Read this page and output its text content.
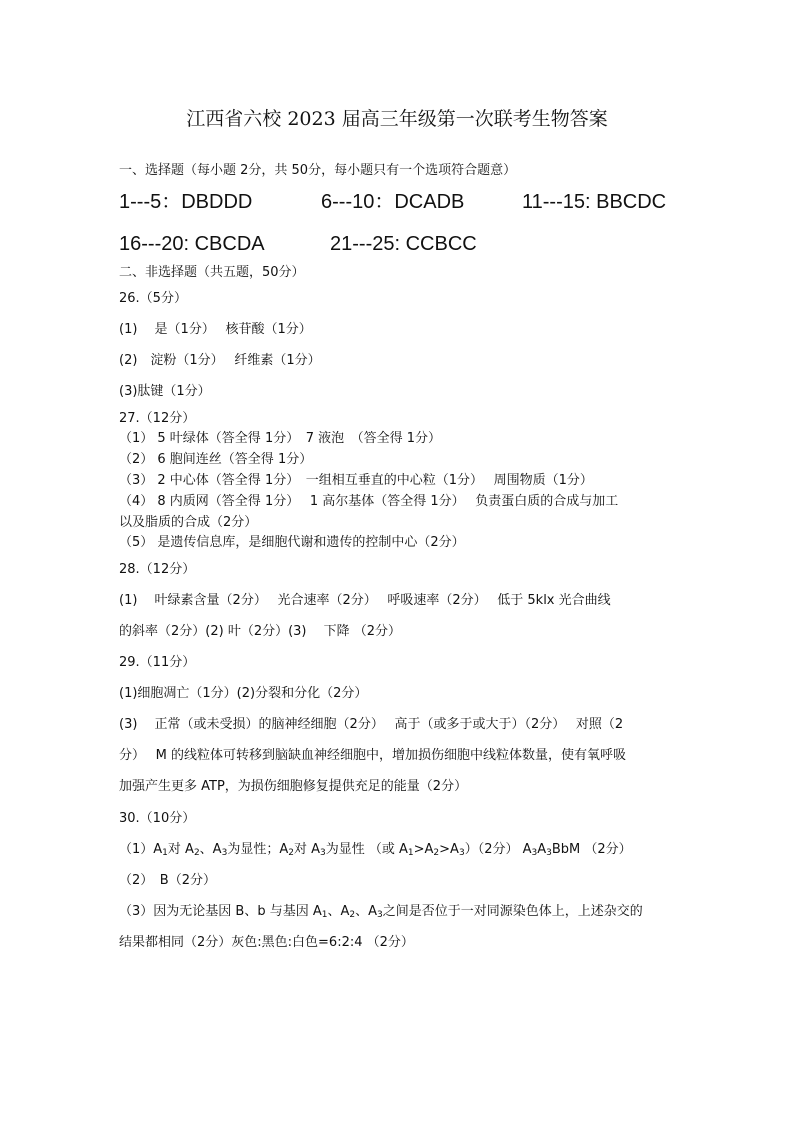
江西省六校 2023 届高三年级第一次联考生物答案
一、选择题（每小题 2分，共 50分，每小题只有一个选项符合题意）
1---5：DBDDD	6---10：DCADB	11---15: BBCDC
16---20: CBCDA	21---25: CCBCC
二、非选择题（共五题，50分）
26.（5分）
(1)　 是（1分）　 核苷酸（1分）
(2)　淀粉（1分）　 纤维素（1分）
(3)肽键（1分）
27.（12分）
（1） 5 叶绿体（答全得 1分）　7 液泡　（答全得 1分）
（2） 6 胞间连丝（答全得 1分）
（3） 2 中心体（答全得 1分）　一组相互垂直的中心粒（1分）　 周围物质（1分）
（4） 8 内质网（答全得 1分）　 1 高尔基体（答全得 1分）　 负责蛋白质的合成与加工
以及脂质的合成（2分）
（5） 是遗传信息库，是细胞代谢和遗传的控制中心（2分）
28.（12分）
(1)　 叶绿素含量（2分）　 光合速率（2分）　 呼吸速率（2分）　 低于 5klx 光合曲线
的斜率（2分）(2) 叶（2分）(3)　 下降 （2分）
29.（11分）
(1)细胞凋亡（1分）(2)分裂和分化（2分）
(3)　 正常（或未受损）的脑神经细胞（2分）　 高于（或多于或大于）（2分）　 对照（2
分）　 M 的线粒体可转移到脑缺血神经细胞中，增加损伤细胞中线粒体数量，使有氧呼吸
加强产生更多 ATP，为损伤细胞修复提供充足的能量（2分）
30.（10分）
$(1)A_1$对 $A_2$、$A_3$为显性；$A_2$对 $A_3$为显性 （或 $A_1>A_2>A_3)(2$分） $A_3A_3BbM$ （2分）
（2）　B（2分）
（3）因为无论基因 B、b 与基因 $A_1$、$A_2$、$A_3$之间是否位于一对同源染色体上，上述杂交的
结果都相同（2分）灰色:黑色:白色=6:2:4 （2分）
